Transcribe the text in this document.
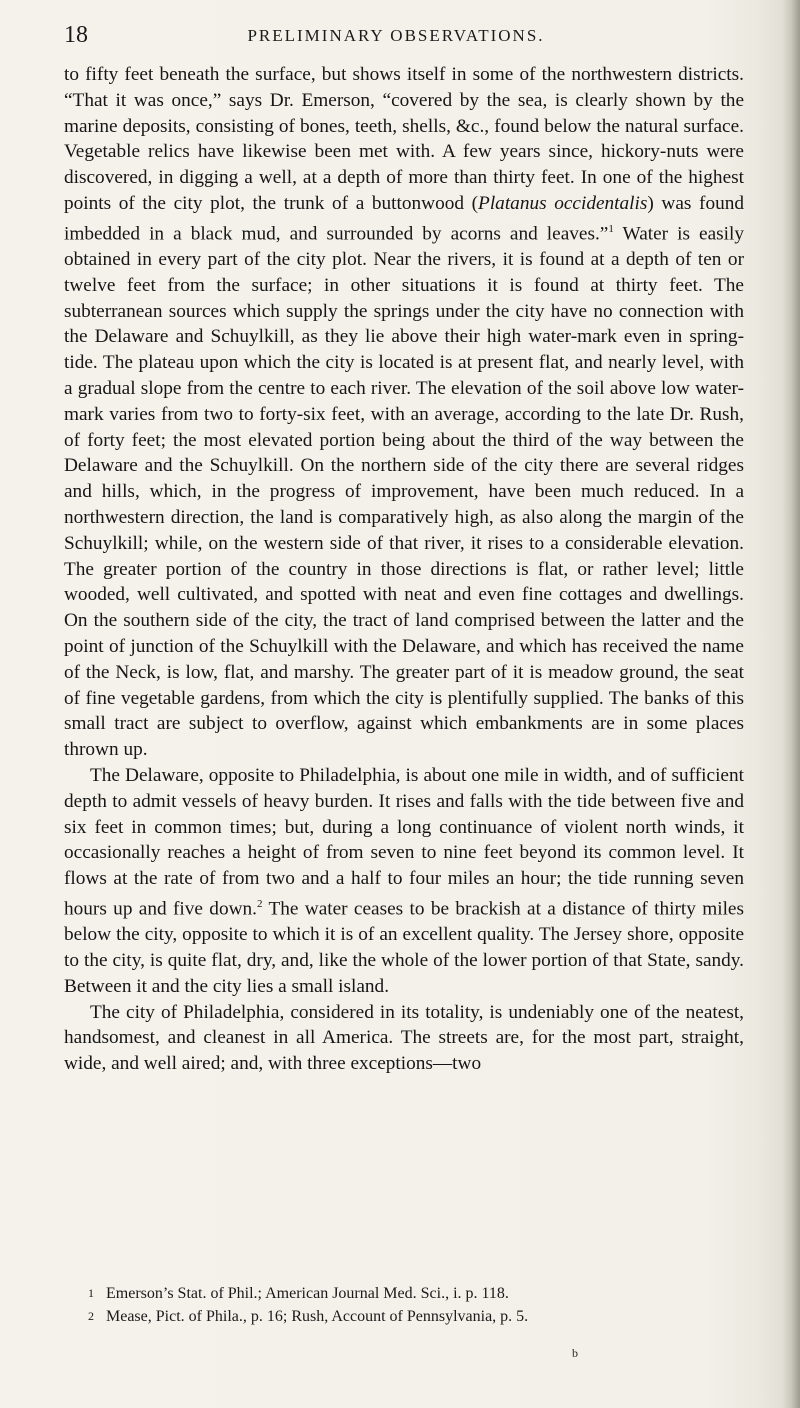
18	PRELIMINARY OBSERVATIONS.

to fifty feet beneath the surface, but shows itself in some of the northwestern districts. “That it was once,” says Dr. Emerson, “covered by the sea, is clearly shown by the marine deposits, consisting of bones, teeth, shells, &c., found below the natural surface. Vegetable relics have likewise been met with. A few years since, hickory-nuts were discovered, in digging a well, at a depth of more than thirty feet. In one of the highest points of the city plot, the trunk of a buttonwood (Platanus occidentalis) was found imbedded in a black mud, and surrounded by acorns and leaves.”$^1$ Water is easily obtained in every part of the city plot. Near the rivers, it is found at a depth of ten or twelve feet from the surface; in other situations it is found at thirty feet. The subterranean sources which supply the springs under the city have no connection with the Delaware and Schuylkill, as they lie above their high water-mark even in spring-tide. The plateau upon which the city is located is at present flat, and nearly level, with a gradual slope from the centre to each river. The elevation of the soil above low water-mark varies from two to forty-six feet, with an average, according to the late Dr. Rush, of forty feet; the most elevated portion being about the third of the way between the Delaware and the Schuylkill. On the northern side of the city there are several ridges and hills, which, in the progress of improvement, have been much reduced. In a northwestern direction, the land is comparatively high, as also along the margin of the Schuylkill; while, on the western side of that river, it rises to a considerable elevation. The greater portion of the country in those directions is flat, or rather level; little wooded, well cultivated, and spotted with neat and even fine cottages and dwellings. On the southern side of the city, the tract of land comprised between the latter and the point of junction of the Schuylkill with the Delaware, and which has received the name of the Neck, is low, flat, and marshy. The greater part of it is meadow ground, the seat of fine vegetable gardens, from which the city is plentifully supplied. The banks of this small tract are subject to overflow, against which embankments are in some places thrown up.

The Delaware, opposite to Philadelphia, is about one mile in width, and of sufficient depth to admit vessels of heavy burden. It rises and falls with the tide between five and six feet in common times; but, during a long continuance of violent north winds, it occasionally reaches a height of from seven to nine feet beyond its common level. It flows at the rate of from two and a half to four miles an hour; the tide running seven hours up and five down.$^2$ The water ceases to be brackish at a distance of thirty miles below the city, opposite to which it is of an excellent quality. The Jersey shore, opposite to the city, is quite flat, dry, and, like the whole of the lower portion of that State, sandy. Between it and the city lies a small island.

The city of Philadelphia, considered in its totality, is undeniably one of the neatest, handsomest, and cleanest in all America. The streets are, for the most part, straight, wide, and well aired; and, with three exceptions—two

1 Emerson’s Stat. of Phil.; American Journal Med. Sci., i. p. 118.
2 Mease, Pict. of Phila., p. 16; Rush, Account of Pennsylvania, p. 5.
b
